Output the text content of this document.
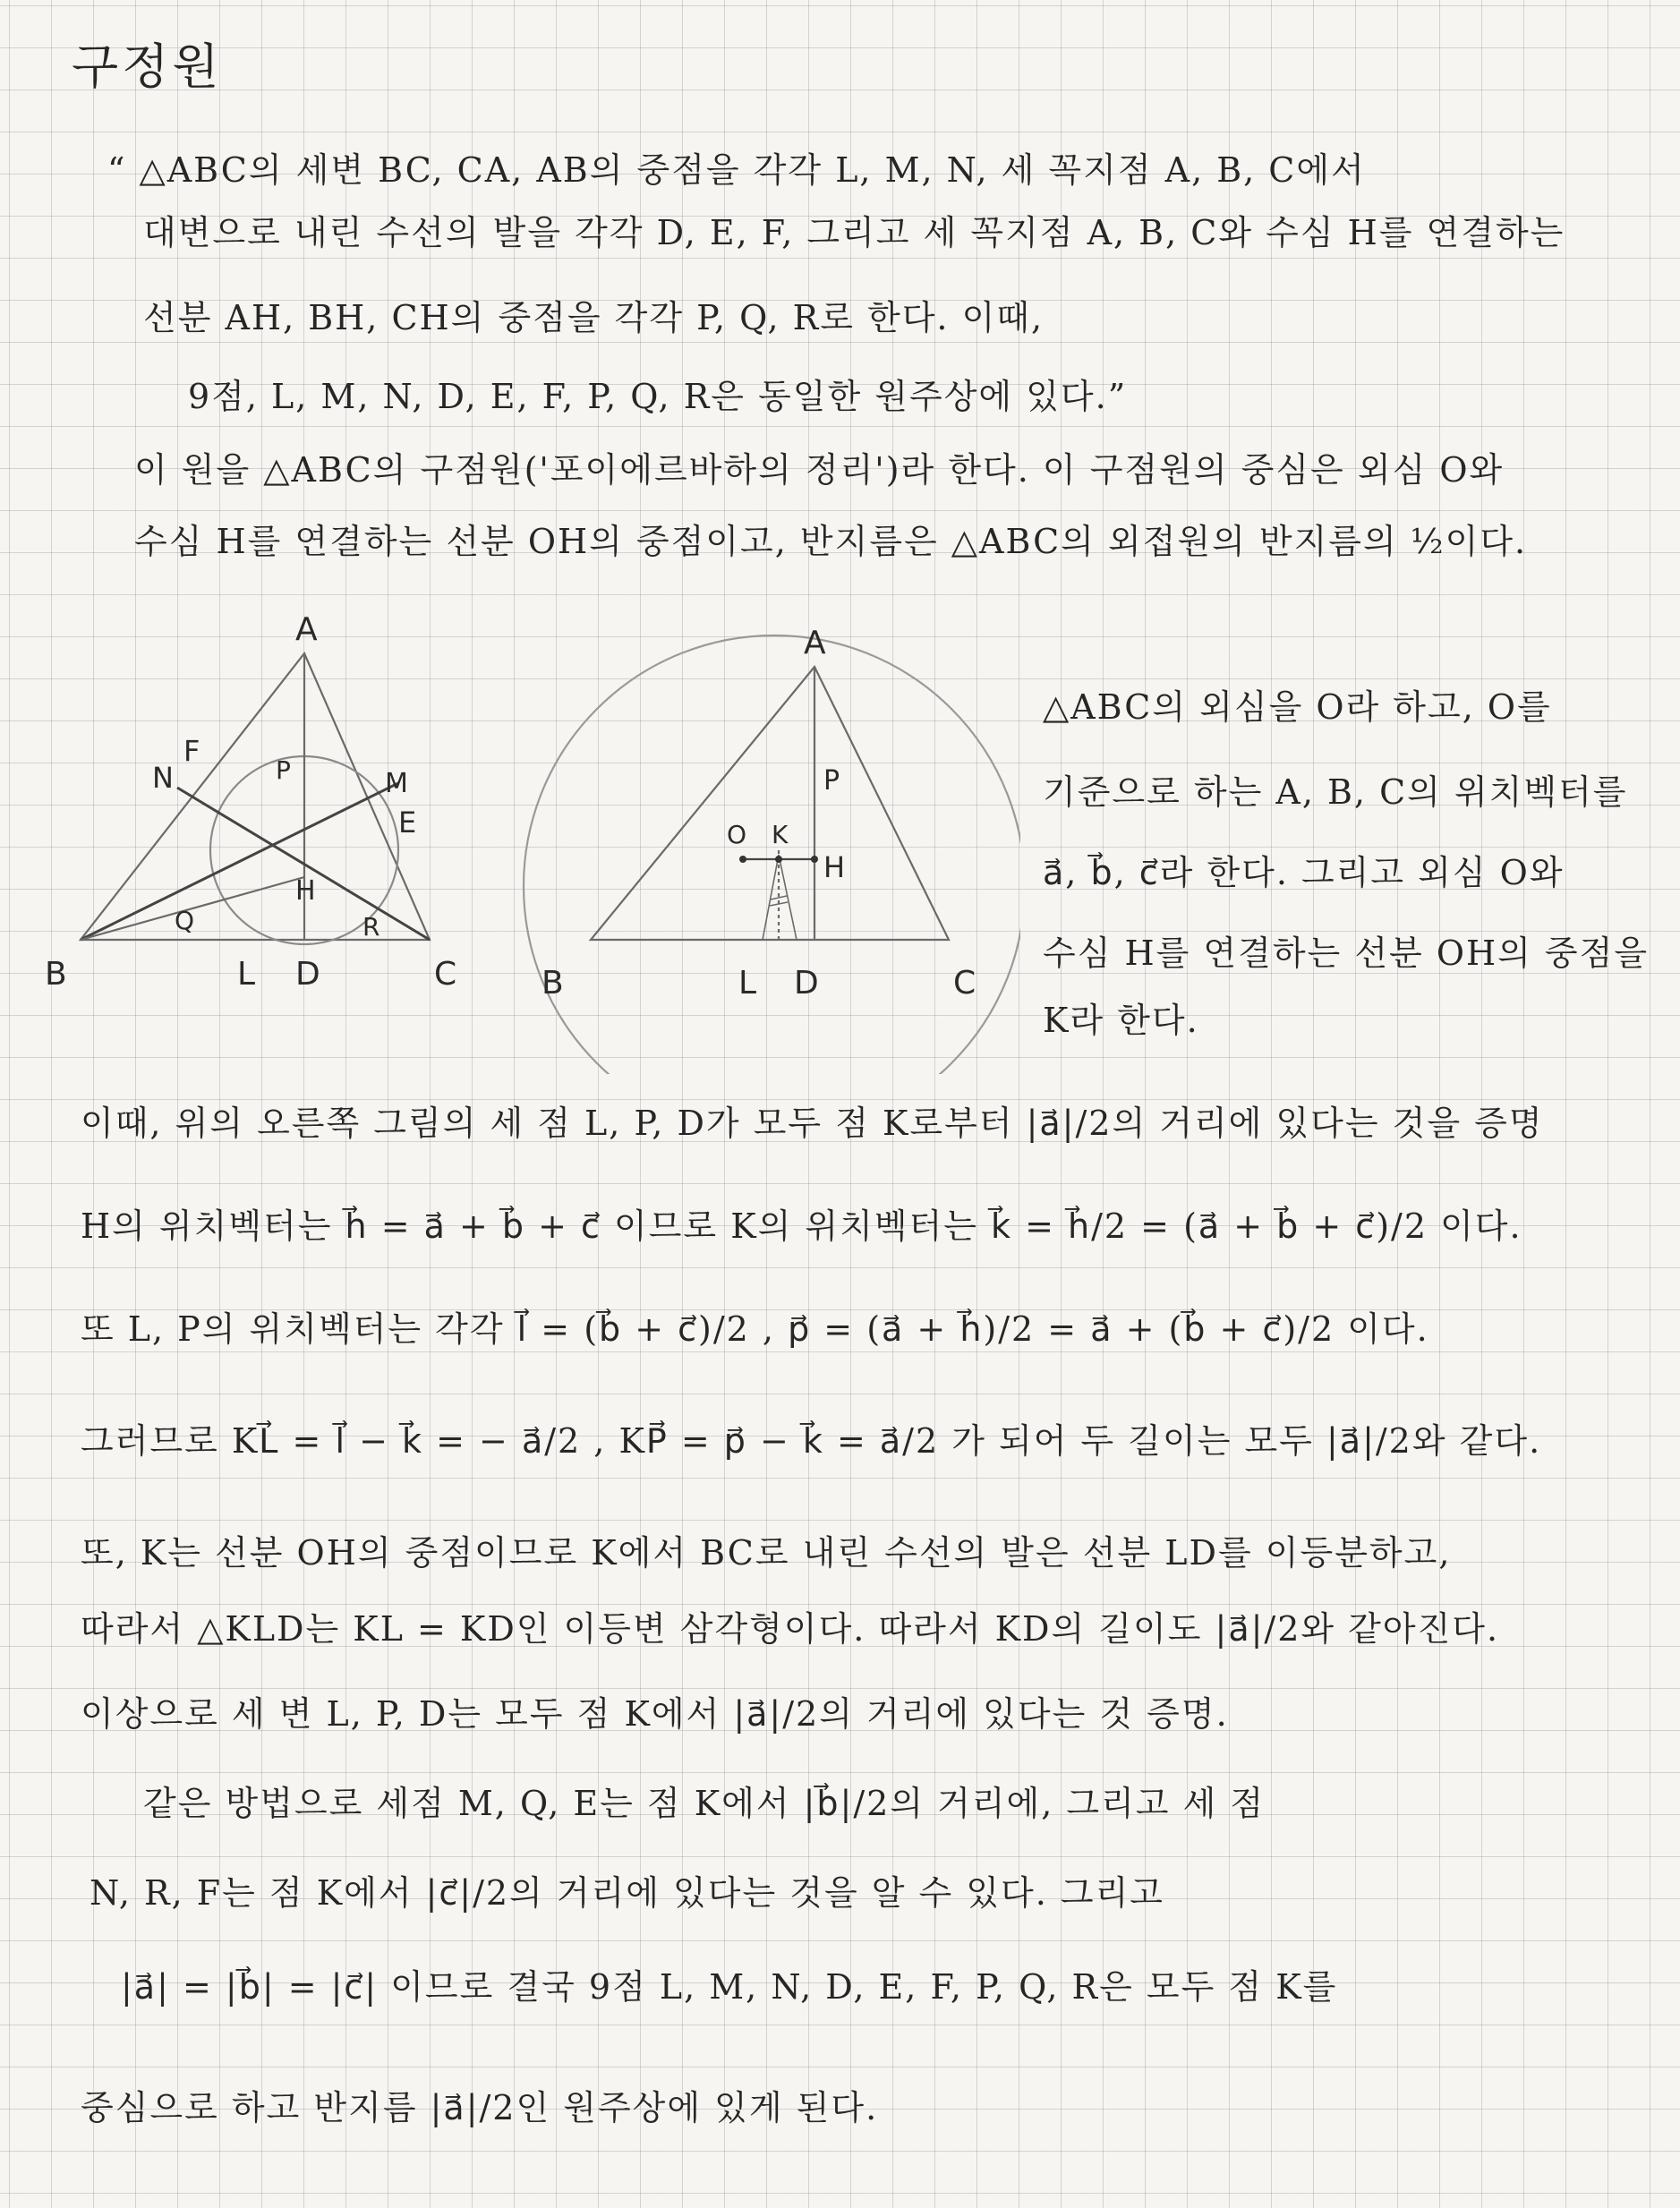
구정원
“ △ABC의 세변 BC, CA, AB의 중점을 각각 L, M, N, 세 꼭지점 A, B, C에서
대변으로 내린 수선의 발을 각각 D, E, F, 그리고 세 꼭지점 A, B, C와 수심 H를 연결하는
선분 AH, BH, CH의 중점을 각각 P, Q, R로 한다. 이때,
9점, L, M, N, D, E, F, P, Q, R은 동일한 원주상에 있다.”
이 원을 △ABC의 구점원('포이에르바하의 정리')라 한다. 이 구점원의 중심은 외심 O와
수심 H를 연결하는 선분 OH의 중점이고, 반지름은 △ABC의 외접원의 반지름의 ½이다.
A
B	C
D
L
E
F
H
M
N	P
Q	R
A
B	C
D
L
H
K
O
P
△ABC의 외심을 O라 하고, O를
기준으로 하는 A, B, C의 위치벡터를
a⃗, b⃗, c⃗라 한다. 그리고 외심 O와
수심 H를 연결하는 선분 OH의 중점을
K라 한다.
이때, 위의 오른쪽 그림의 세 점 L, P, D가 모두 점 K로부터 |a⃗|/2의 거리에 있다는 것을 증명
H의 위치벡터는 h⃗ = a⃗ + b⃗ + c⃗ 이므로 K의 위치벡터는 k⃗ = h⃗/2 = (a⃗ + b⃗ + c⃗)/2 이다.
또 L, P의 위치벡터는 각각 l⃗ = (b⃗ + c⃗)/2 , p⃗ = (a⃗ + h⃗)/2 = a⃗ + (b⃗ + c⃗)/2 이다.
그러므로 KL⃗ = l⃗ − k⃗ = − a⃗/2 , KP⃗ = p⃗ − k⃗ = a⃗/2 가 되어 두 길이는 모두 |a⃗|/2와 같다.
또, K는 선분 OH의 중점이므로 K에서 BC로 내린 수선의 발은 선분 LD를 이등분하고,
따라서 △KLD는 KL = KD인 이등변 삼각형이다. 따라서 KD의 길이도 |a⃗|/2와 같아진다.
이상으로 세 변 L, P, D는 모두 점 K에서 |a⃗|/2의 거리에 있다는 것 증명.
같은 방법으로 세점 M, Q, E는 점 K에서 |b⃗|/2의 거리에, 그리고 세 점
N, R, F는 점 K에서 |c⃗|/2의 거리에 있다는 것을 알 수 있다. 그리고
|a⃗| = |b⃗| = |c⃗| 이므로 결국 9점 L, M, N, D, E, F, P, Q, R은 모두 점 K를
중심으로 하고 반지름 |a⃗|/2인 원주상에 있게 된다.
